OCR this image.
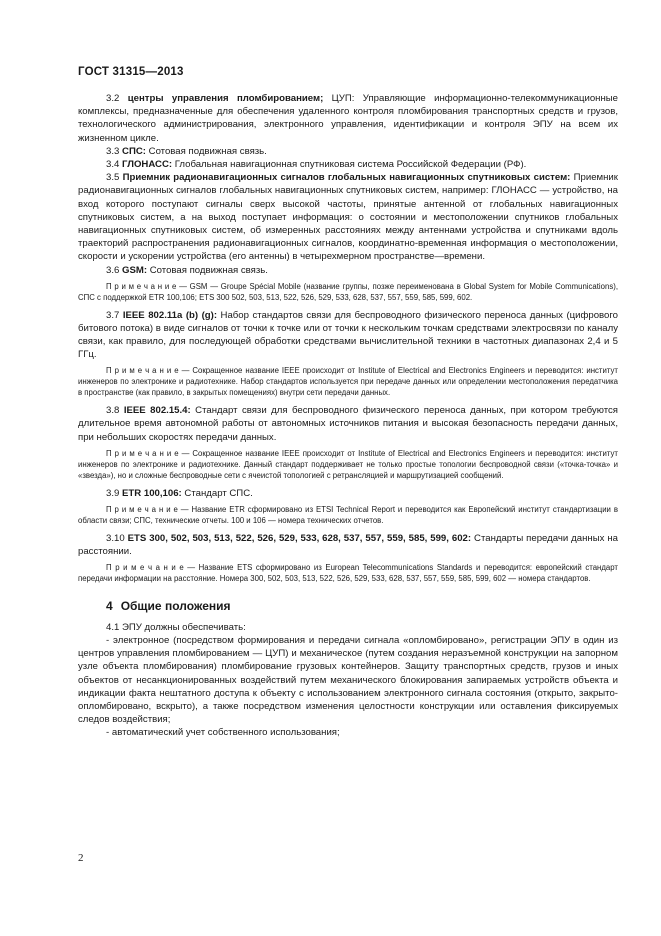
ГОСТ 31315—2013

3.2 центры управления пломбированием; ЦУП: Управляющие информационно-телекоммуникационные комплексы, предназначенные для обеспечения удаленного контроля пломбирования транспортных средств и грузов, технологического администрирования, электронного управления, идентификации и контроля ЭПУ на всем их жизненном цикле.

3.3 СПС: Сотовая подвижная связь.

3.4 ГЛОНАСС: Глобальная навигационная спутниковая система Российской Федерации (РФ).

3.5 Приемник радионавигационных сигналов глобальных навигационных спутниковых систем: Приемник радионавигационных сигналов глобальных навигационных спутниковых систем, например: ГЛОНАСС — устройство, на вход которого поступают сигналы сверх высокой частоты, принятые антенной от глобальных навигационных спутниковых систем, а на выход поступает информация: о состоянии и местоположении спутников глобальных навигационных спутниковых систем, об измеренных расстояниях между антеннами устройства и спутниками вдоль траекторий распространения радионавигационных сигналов, координатно-временная информация о местоположении, скорости и ускорении устройства (его антенны) в четырехмерном пространстве—времени.

3.6 GSM: Сотовая подвижная связь.

П р и м е ч а н и е — GSM — Groupe Spécial Mobile (название группы, позже переименована в Global System for Mobile Communications), СПС с поддержкой ETR 100,106; ETS 300 502, 503, 513, 522, 526, 529, 533, 628, 537, 557, 559, 585, 599, 602.

3.7 IEEE 802.11a (b) (g): Набор стандартов связи для беспроводного физического переноса данных (цифрового битового потока) в виде сигналов от точки к точке или от точки к нескольким точкам средствами электросвязи по каналу связи, как правило, для последующей обработки средствами вычислительной техники в частотных диапазонах 2,4 и 5 ГГц.

П р и м е ч а н и е — Сокращенное название IEEE происходит от Institute of Electrical and Electronics Engineers и переводится: институт инженеров по электронике и радиотехнике. Набор стандартов используется при передаче данных или определении местоположения передатчика в пространстве (как правило, в закрытых помещениях) внутри сети передачи данных.

3.8 IEEE 802.15.4: Стандарт связи для беспроводного физического переноса данных, при котором требуются длительное время автономной работы от автономных источников питания и высокая безопасность передачи данных, при небольших скоростях передачи данных.

П р и м е ч а н и е — Сокращенное название IEEE происходит от Institute of Electrical and Electronics Engineers и переводится: институт инженеров по электронике и радиотехнике. Данный стандарт поддерживает не только простые топологии беспроводной связи («точка-точка» и «звезда»), но и сложные беспроводные сети с ячеистой топологией с ретрансляцией и маршрутизацией сообщений.

3.9 ETR 100,106: Стандарт СПС.

П р и м е ч а н и е — Название ETR сформировано из ETSI Technical Report и переводится как Европейский институт стандартизации в области связи; СПС, технические отчеты. 100 и 106 — номера технических отчетов.

3.10 ETS 300, 502, 503, 513, 522, 526, 529, 533, 628, 537, 557, 559, 585, 599, 602: Стандарты передачи данных на расстоянии.

П р и м е ч а н и е — Название ETS сформировано из European Telecommunications Standards и переводится: европейский стандарт передачи информации на расстояние. Номера 300, 502, 503, 513, 522, 526, 529, 533, 628, 537, 557, 559, 585, 599, 602 — номера стандартов.

4 Общие положения

4.1 ЭПУ должны обеспечивать:

- электронное (посредством формирования и передачи сигнала «опломбировано», регистрации ЭПУ в один из центров управления пломбированием — ЦУП) и механическое (путем создания неразъемной конструкции на запорном узле объекта пломбирования) пломбирование грузовых контейнеров. Защиту транспортных средств, грузов и иных объектов от несанкционированных воздействий путем механического блокирования запираемых устройств объекта и индикации факта нештатного доступа к объекту с использованием электронного сигнала состояния (открыто, закрыто-опломбировано, вскрыто), а также посредством изменения целостности конструкции или оставления фиксируемых следов воздействия;

- автоматический учет собственного использования;

2
